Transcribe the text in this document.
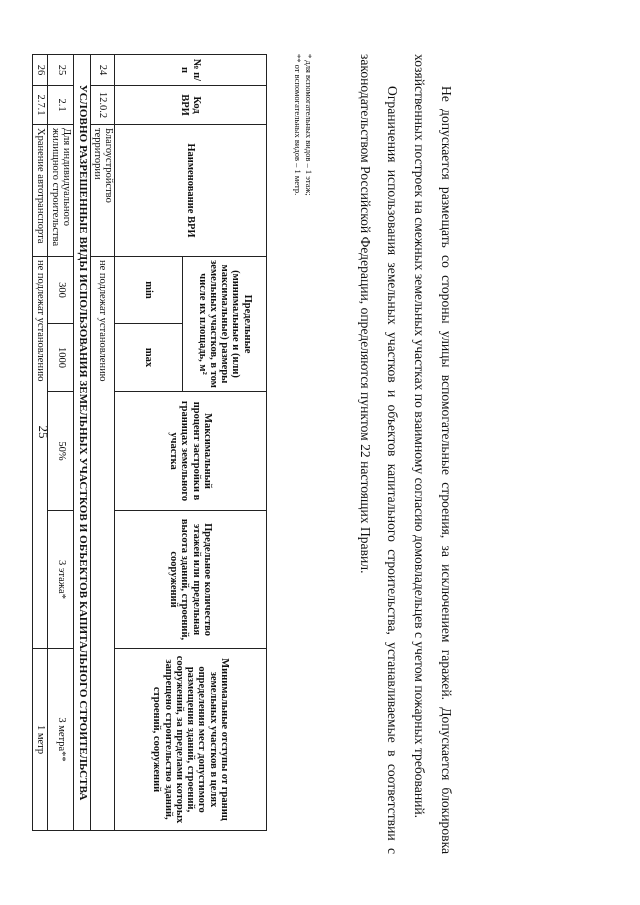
25
№ п/п	Код ВРИ	Наименование ВРИ	Предельные (минимальные и (или) максимальные) размеры земельных участков, в том числе их площадь, м²		Максимальный процент застройки в границах земельного участка	Предельное количество этажей или предельная высота зданий, строений, сооружений	Минимальные отступы от границ земельных участков в целях определения мест допустимого размещения зданий, строений, сооружений, за пределами которых запрещено строительство зданий, строений, сооружений
			min	max			
24	12.0.2	Благоустройство территории	не подлежат установлению				
УСЛОВНО РАЗРЕШЕННЫЕ ВИДЫ ИСПОЛЬЗОВАНИЯ ЗЕМЕЛЬНЫХ УЧАСТКОВ И ОБЪЕКТОВ КАПИТАЛЬНОГО СТРОИТЕЛЬСТВА							
25	2.1	Для индивидуального жилищного строительства	300	1000	50%	3 этажа*	3 метра**
26	2.7.1	Хранение автотранспорта	не подлежат установлению				1 метр
* для вспомогательных видов – 1 этаж;
** от вспомогательных видов – 1 метр.	Не допускается размещать со стороны улицы вспомогательные строения, за исключением гаражей. Допускается блокировка хозяйственных построек на смежных земельных участках по взаимному согласию домовладельцев с учетом пожарных требований.

Ограничения использования земельных участков и объектов капитального строительства, устанавливаемые в соответствии с законодательством Российской Федерации, определяются пунктом 22 настоящих Правил.
